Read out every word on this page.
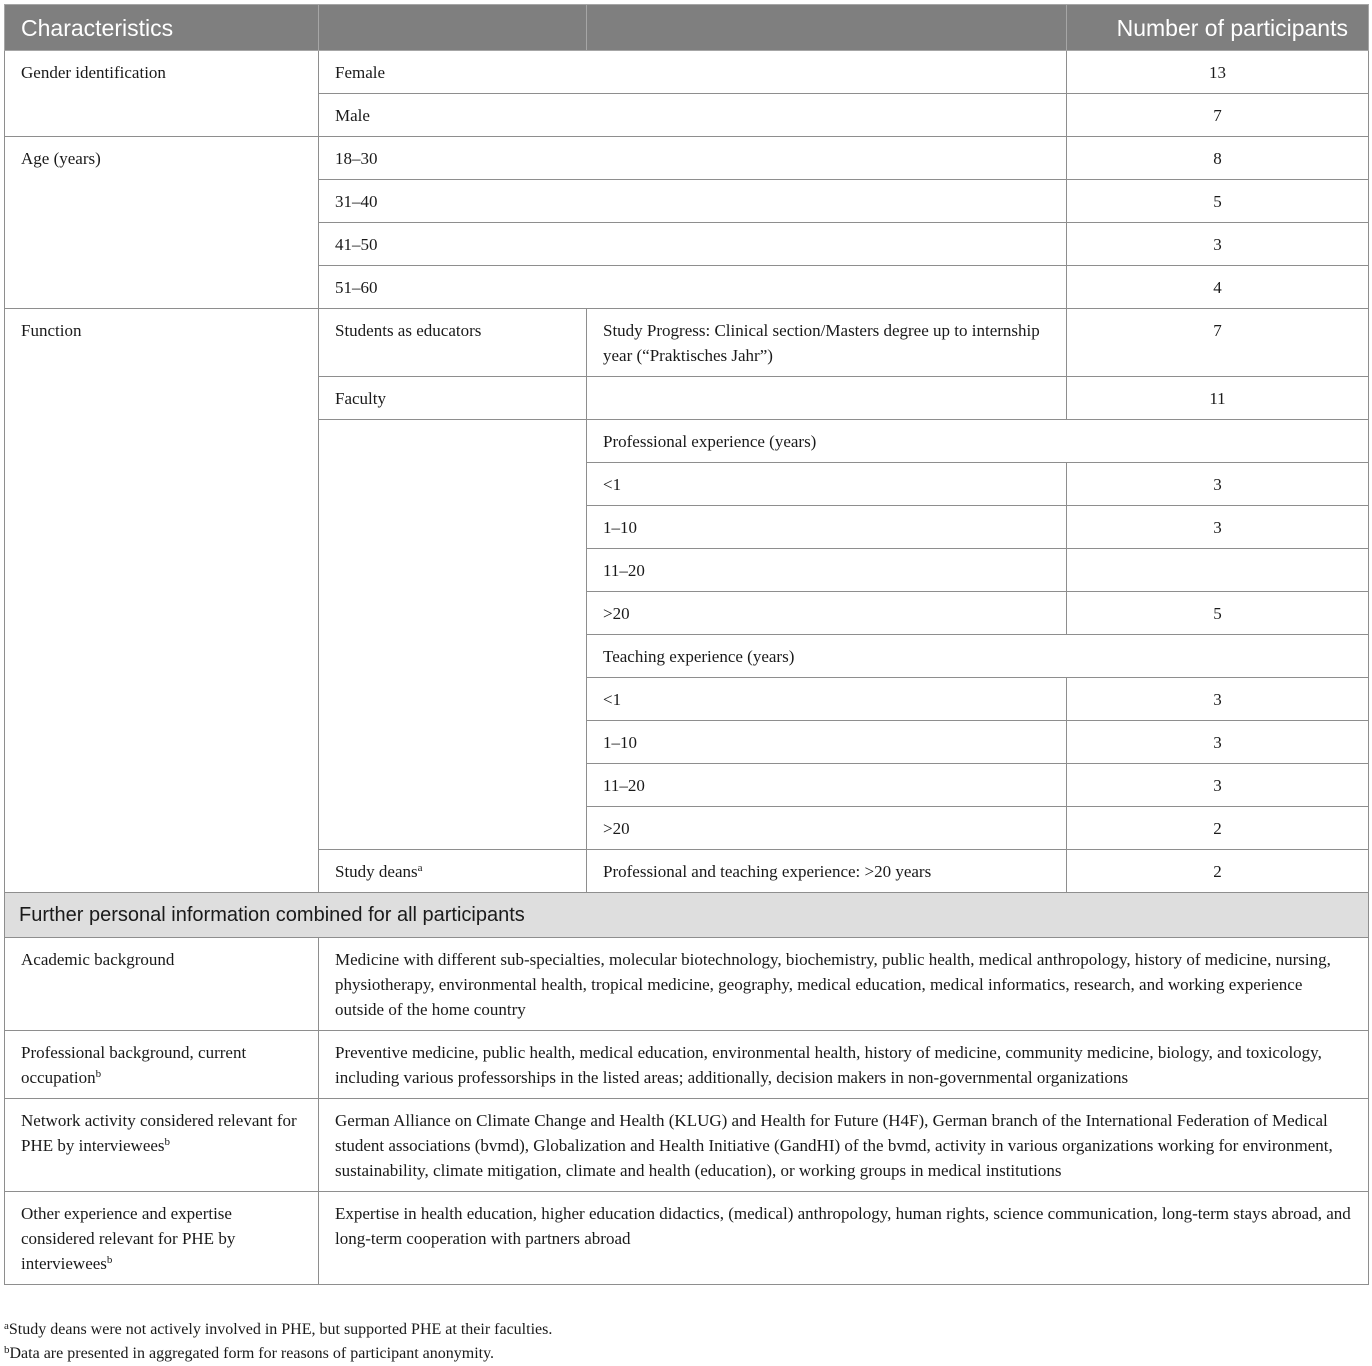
Characteristics			Number of participants
Gender identification	Female		13
	Male		7
Age (years)	18–30		8
	31–40		5
	41–50		3
	51–60		4
Function	Students as educators	Study Progress: Clinical section/Masters degree up to internship year (“Praktisches Jahr”)	7
	Faculty		11
		Professional experience (years)	
		<1	3
		1–10	3
		11–20	
		>20	5
		Teaching experience (years)	
		<1	3
		1–10	3
		11–20	3
		>20	2
	Study deans$^a$	Professional and teaching experience: >20 years	2
Further personal information combined for all participants			
Academic background	Medicine with different sub-specialties, molecular biotechnology, biochemistry, public health, medical anthropology, history of medicine, nursing, physiotherapy, environmental health, tropical medicine, geography, medical education, medical informatics, research, and working experience outside of the home country		
Professional background, current occupation$^b$	Preventive medicine, public health, medical education, environmental health, history of medicine, community medicine, biology, and toxicology, including various professorships in the listed areas; additionally, decision makers in non-governmental organizations		
Network activity considered relevant for PHE by interviewees$^b$	German Alliance on Climate Change and Health (KLUG) and Health for Future (H4F), German branch of the International Federation of Medical student associations (bvmd), Globalization and Health Initiative (GandHI) of the bvmd, activity in various organizations working for environment, sustainability, climate mitigation, climate and health (education), or working groups in medical institutions		
Other experience and expertise considered relevant for PHE by interviewees$^b$	Expertise in health education, higher education didactics, (medical) anthropology, human rights, science communication, long-term stays abroad, and long-term cooperation with partners abroad		
$^a$Study deans were not actively involved in PHE, but supported PHE at their faculties.
$^b$Data are presented in aggregated form for reasons of participant anonymity.
